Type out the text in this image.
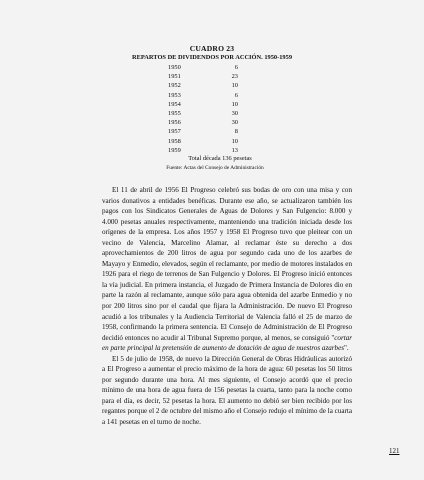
CUADRO 23
REPARTOS DE DIVIDENDOS POR ACCIÓN. 1950-1959
1950	6
1951	23
1952	10
1953	6
1954	10
1955	30
1956	30
1957	8
1958	10
1959	13
Total década 136 pesetas
Fuente: Actas del Consejo de Administración

El 11 de abril de 1956 El Progreso celebró sus bodas de oro con una misa y con varios donativos a entidades benéficas. Durante ese año, se actualizaron también los pagos con los Sindicatos Generales de Aguas de Dolores y San Fulgencio: 8.000 y 4.000 pesetas anuales respectivamente, manteniendo una tradición iniciada desde los orígenes de la empresa. Los años 1957 y 1958 El Progreso tuvo que pleitear con un vecino de Valencia, Marcelino Alamar, al reclamar éste su derecho a dos aprovechamientos de 200 litros de agua por segundo cada uno de los azarbes de Mayayo y Enmedio, elevados, según el reclamante, por medio de motores instalados en 1926 para el riego de terrenos de San Fulgencio y Dolores. El Progreso inició entonces la vía judicial. En primera instancia, el Juzgado de Primera Instancia de Dolores dio en parte la razón al reclamante, aunque sólo para agua obtenida del azarbe Enmedio y no por 200 litros sino por el caudal que fijara la Administración. De nuevo El Progreso acudió a los tribunales y la Audiencia Territorial de Valencia falló el 25 de marzo de 1958, confirmando la primera sentencia. El Consejo de Administración de El Progreso decidió entonces no acudir al Tribunal Supremo porque, al menos, se consiguió "cortar en parte principal la pretensión de aumento de dotación de agua de nuestros azarbes".

El 5 de julio de 1958, de nuevo la Dirección General de Obras Hidráulicas autorizó a El Progreso a aumentar el precio máximo de la hora de agua: 60 pesetas los 50 litros por segundo durante una hora. Al mes siguiente, el Consejo acordó que el precio mínimo de una hora de agua fuera de 156 pesetas la cuarta, tanto para la noche como para el día, es decir, 52 pesetas la hora. El aumento no debió ser bien recibido por los regantes porque el 2 de octubre del mismo año el Consejo redujo el mínimo de la cuarta a 141 pesetas en el turno de noche.

121
